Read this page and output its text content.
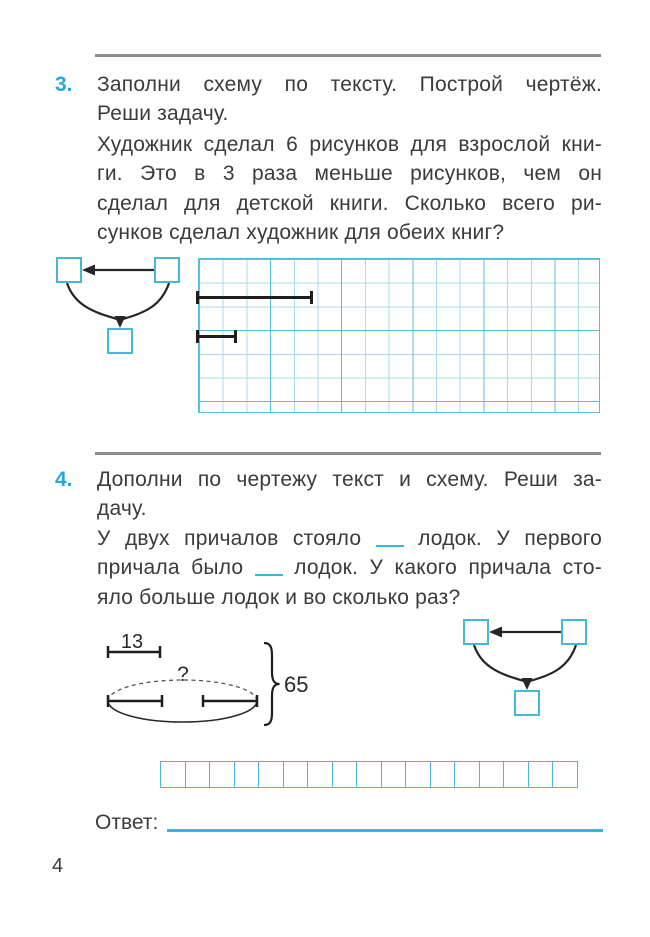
3. Заполни схему по тексту. Построй чертёж.
Реши задачу.
Художник сделал 6 рисунков для взрослой кни-
ги. Это в 3 раза меньше рисунков, чем он
сделал для детской книги. Сколько всего ри-
сунков сделал художник для обеих книг?
4. Дополни по чертежу текст и схему. Реши за-
дачу.
У двух причалов стояло  лодок. У первого
причала было  лодок. У какого причала сто-
яло больше лодок и во сколько раз?
13
?	65
Ответ:
4
